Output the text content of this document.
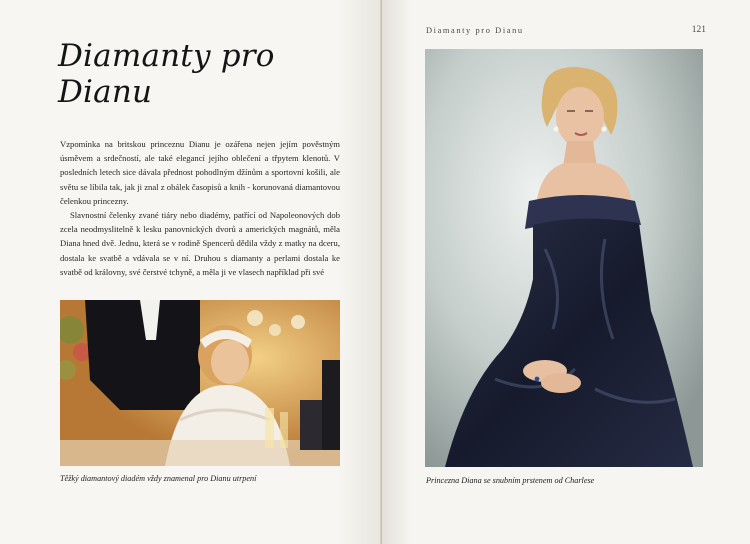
Diamanty pro Dianu

Vzpomínka na britskou princeznu Dianu je ozářena nejen jejím pověstným úsměvem a srdečností, ale také elegancí jejího oblečení a třpytem klenotů. V posledních letech sice dávala přednost pohodlným džínům a sportovní košili, ale světu se líbila tak, jak ji znal z obálek časopisů a knih - korunovaná diamantovou čelenkou princezny.

Slavnostní čelenky zvané tiáry nebo diadémy, patřící od Napoleonových dob zcela neodmyslitelně k lesku panovnických dvorů a amerických magnátů, měla Diana hned dvě. Jednu, která se v rodině Spencerů dědila vždy z matky na dceru, dostala ke svatbě a vdávala se v ní. Druhou s diamanty a perlami dostala ke svatbě od královny, své čerstvé tchyně, a měla ji ve vlasech například při své

Těžký diamantový diadém vždy znamenal pro Dianu utrpení
Diamanty pro Dianu	121
Princezna Diana se snubním prstenem od Charlese
